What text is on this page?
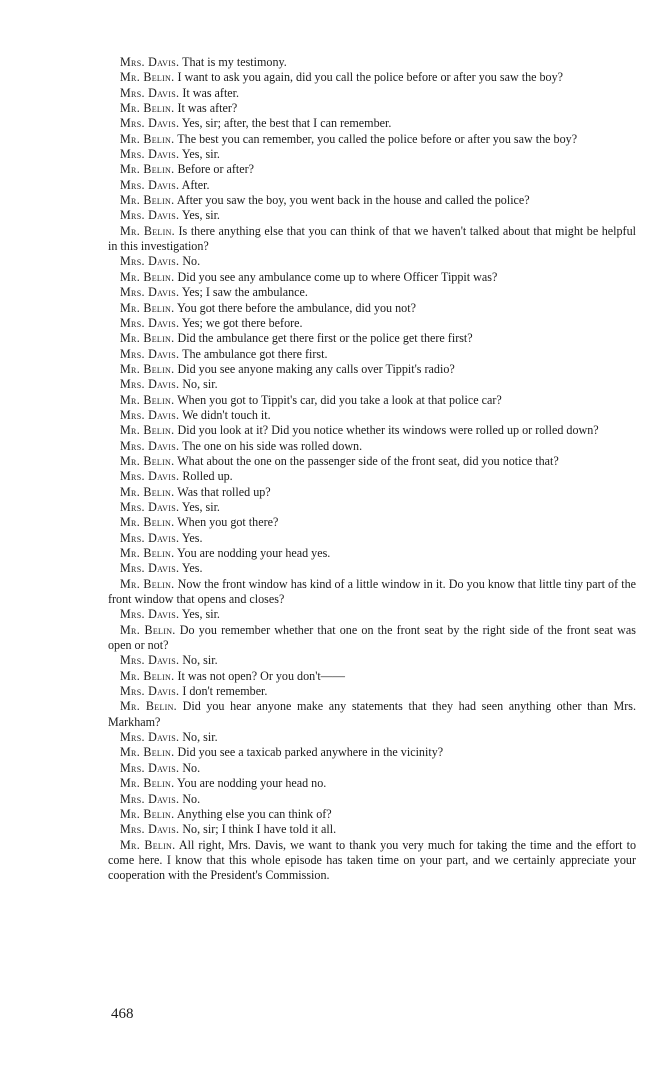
Mrs. Davis. That is my testimony.

Mr. Belin. I want to ask you again, did you call the police before or after you saw the boy?

Mrs. Davis. It was after.

Mr. Belin. It was after?

Mrs. Davis. Yes, sir; after, the best that I can remember.

Mr. Belin. The best you can remember, you called the police before or after you saw the boy?

Mrs. Davis. Yes, sir.

Mr. Belin. Before or after?

Mrs. Davis. After.

Mr. Belin. After you saw the boy, you went back in the house and called the police?

Mrs. Davis. Yes, sir.

Mr. Belin. Is there anything else that you can think of that we haven't talked about that might be helpful in this investigation?

Mrs. Davis. No.

Mr. Belin. Did you see any ambulance come up to where Officer Tippit was?

Mrs. Davis. Yes; I saw the ambulance.

Mr. Belin. You got there before the ambulance, did you not?

Mrs. Davis. Yes; we got there before.

Mr. Belin. Did the ambulance get there first or the police get there first?

Mrs. Davis. The ambulance got there first.

Mr. Belin. Did you see anyone making any calls over Tippit's radio?

Mrs. Davis. No, sir.

Mr. Belin. When you got to Tippit's car, did you take a look at that police car?

Mrs. Davis. We didn't touch it.

Mr. Belin. Did you look at it? Did you notice whether its windows were rolled up or rolled down?

Mrs. Davis. The one on his side was rolled down.

Mr. Belin. What about the one on the passenger side of the front seat, did you notice that?

Mrs. Davis. Rolled up.

Mr. Belin. Was that rolled up?

Mrs. Davis. Yes, sir.

Mr. Belin. When you got there?

Mrs. Davis. Yes.

Mr. Belin. You are nodding your head yes.

Mrs. Davis. Yes.

Mr. Belin. Now the front window has kind of a little window in it. Do you know that little tiny part of the front window that opens and closes?

Mrs. Davis. Yes, sir.

Mr. Belin. Do you remember whether that one on the front seat by the right side of the front seat was open or not?

Mrs. Davis. No, sir.

Mr. Belin. It was not open? Or you don't——

Mrs. Davis. I don't remember.

Mr. Belin. Did you hear anyone make any statements that they had seen anything other than Mrs. Markham?

Mrs. Davis. No, sir.

Mr. Belin. Did you see a taxicab parked anywhere in the vicinity?

Mrs. Davis. No.

Mr. Belin. You are nodding your head no.

Mrs. Davis. No.

Mr. Belin. Anything else you can think of?

Mrs. Davis. No, sir; I think I have told it all.

Mr. Belin. All right, Mrs. Davis, we want to thank you very much for taking the time and the effort to come here. I know that this whole episode has taken time on your part, and we certainly appreciate your cooperation with the President's Commission.

468
